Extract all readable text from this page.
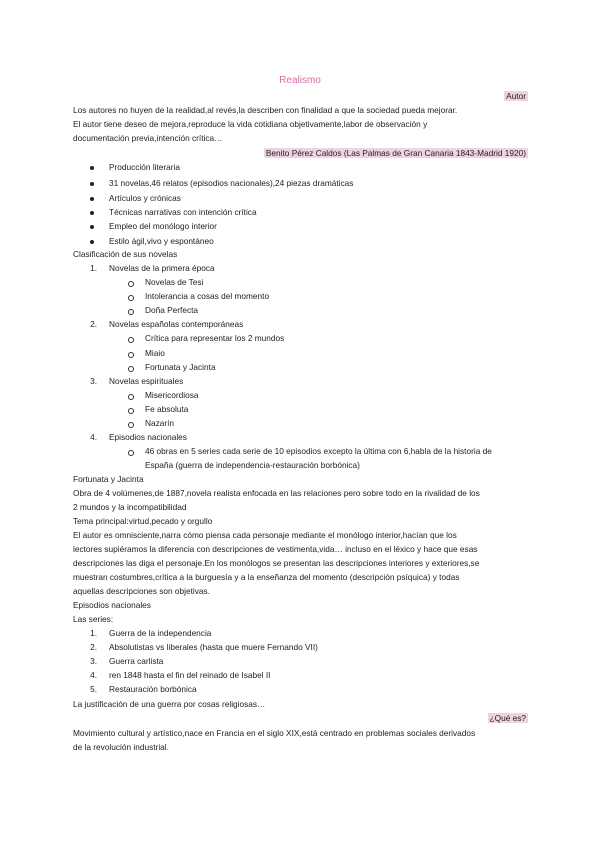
Realismo
Autor
Los autores no huyen de la realidad,al revés,la describen con finalidad a que la sociedad pueda mejorar.
El autor tiene deseo de mejora,reproduce la vida cotidiana objetivamente,labor de observación y
documentación previa,intención crítica…
Benito Pérez Caldos (Las Palmas de Gran Canaria 1843-Madrid 1920)
Producción literaria
31 novelas,46 relatos (episodios nacionales),24 piezas dramáticas
Artículos y crónicas
Técnicas narrativas con intención crítica
Empleo del monólogo interior
Estilo ágil,vivo y espontáneo
Clasificación de sus novelas
1. Novelas de la primera época
Novelas de Tesi
Intolerancia a cosas del momento
Doña Perfecta
2. Novelas españolas contemporáneas
Crítica para representar los 2 mundos
Miaio
Fortunata y Jacinta
3. Novelas espirituales
Misericordiosa
Fe absoluta
Nazarín
4. Episodios nacionales
46 obras en 5 series cada serie de 10 episodios excepto la última con 6,habla de la historia de
España (guerra de independencia-restauración borbónica)
Fortunata y Jacinta
Obra de 4 volúmenes,de 1887,novela realista enfocada en las relaciones pero sobre todo en la rivalidad de los
2 mundos y la incompatibilidad
Tema principal:virtud,pecado y orgullo
El autor es omnisciente,narra cómo piensa cada personaje mediante el monólogo interior,hacían que los
lectores supiéramos la diferencia con descripciones de vestimenta,vida… incluso en el léxico y hace que esas
descripciones las diga el personaje.En los monólogos se presentan las descripciones interiores y exteriores,se
muestran costumbres,crítica a la burguesía y a la enseñanza del momento (descripción psíquica) y todas
aquellas descripciones son objetivas.
Episodios nacionales
Las series:
1. Guerra de la independencia
2. Absolutistas vs liberales (hasta que muere Fernando VII)
3. Guerra carlista
4. ren 1848 hasta el fin del reinado de Isabel II
5. Restauración borbónica
La justificación de una guerra por cosas religiosas…
¿Qué es?
Movimiento cultural y artístico,nace en Francia en el siglo XIX,está centrado en problemas sociales derivados
de la revolución industrial.
